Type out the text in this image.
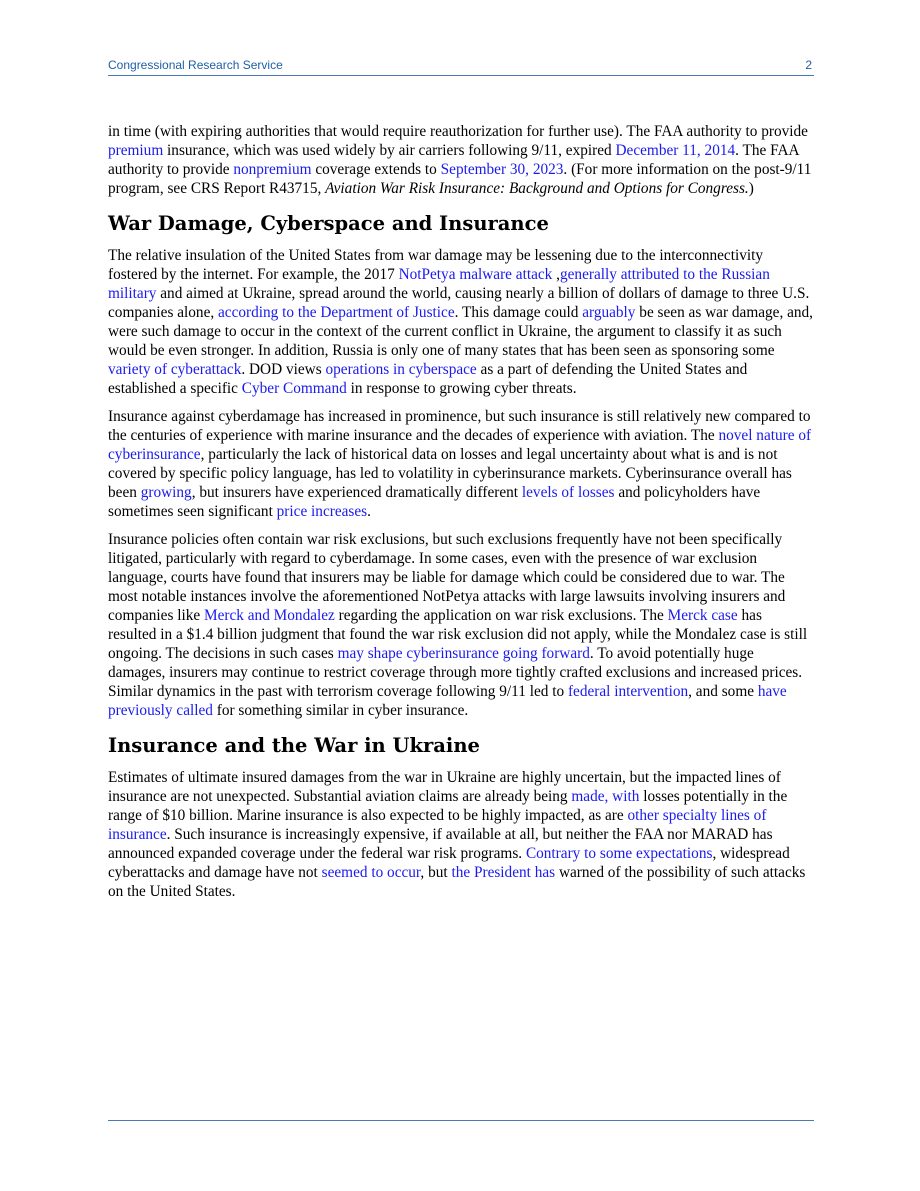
Congressional Research Service	2

in time (with expiring authorities that would require reauthorization for further use). The FAA authority to provide premium insurance, which was used widely by air carriers following 9/11, expired December 11, 2014. The FAA authority to provide nonpremium coverage extends to September 30, 2023. (For more information on the post-9/11 program, see CRS Report R43715, Aviation War Risk Insurance: Background and Options for Congress.)

War Damage, Cyberspace and Insurance

The relative insulation of the United States from war damage may be lessening due to the interconnectivity fostered by the internet. For example, the 2017 NotPetya malware attack ,generally attributed to the Russian military and aimed at Ukraine, spread around the world, causing nearly a billion of dollars of damage to three U.S. companies alone, according to the Department of Justice. This damage could arguably be seen as war damage, and, were such damage to occur in the context of the current conflict in Ukraine, the argument to classify it as such would be even stronger. In addition, Russia is only one of many states that has been seen as sponsoring some variety of cyberattack. DOD views operations in cyberspace as a part of defending the United States and established a specific Cyber Command in response to growing cyber threats.

Insurance against cyberdamage has increased in prominence, but such insurance is still relatively new compared to the centuries of experience with marine insurance and the decades of experience with aviation. The novel nature of cyberinsurance, particularly the lack of historical data on losses and legal uncertainty about what is and is not covered by specific policy language, has led to volatility in cyberinsurance markets. Cyberinsurance overall has been growing, but insurers have experienced dramatically different levels of losses and policyholders have sometimes seen significant price increases.

Insurance policies often contain war risk exclusions, but such exclusions frequently have not been specifically litigated, particularly with regard to cyberdamage. In some cases, even with the presence of war exclusion language, courts have found that insurers may be liable for damage which could be considered due to war. The most notable instances involve the aforementioned NotPetya attacks with large lawsuits involving insurers and companies like Merck and Mondalez regarding the application on war risk exclusions. The Merck case has resulted in a $1.4 billion judgment that found the war risk exclusion did not apply, while the Mondalez case is still ongoing. The decisions in such cases may shape cyberinsurance going forward. To avoid potentially huge damages, insurers may continue to restrict coverage through more tightly crafted exclusions and increased prices. Similar dynamics in the past with terrorism coverage following 9/11 led to federal intervention, and some have previously called for something similar in cyber insurance.

Insurance and the War in Ukraine

Estimates of ultimate insured damages from the war in Ukraine are highly uncertain, but the impacted lines of insurance are not unexpected. Substantial aviation claims are already being made, with losses potentially in the range of $10 billion. Marine insurance is also expected to be highly impacted, as are other specialty lines of insurance. Such insurance is increasingly expensive, if available at all, but neither the FAA nor MARAD has announced expanded coverage under the federal war risk programs. Contrary to some expectations, widespread cyberattacks and damage have not seemed to occur, but the President has warned of the possibility of such attacks on the United States.
